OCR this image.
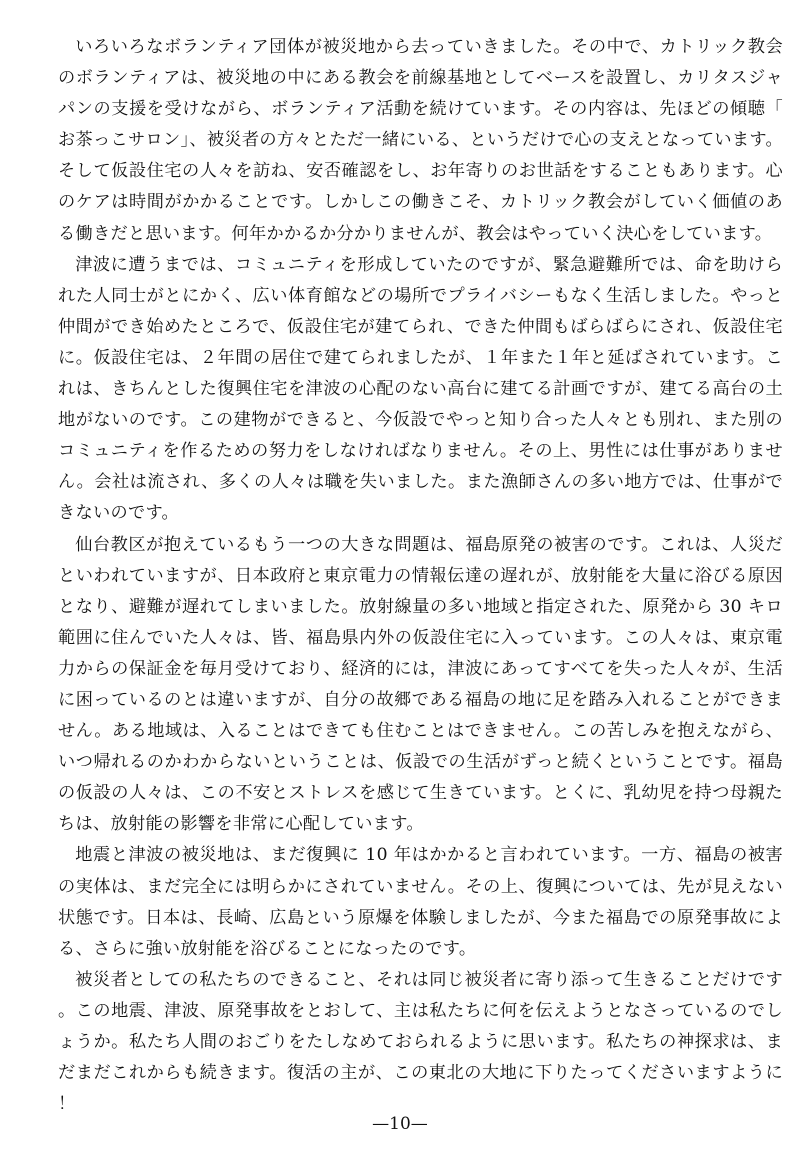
いろいろなボランティア団体が被災地から去っていきました。その中で、カトリック教会のボランティアは、被災地の中にある教会を前線基地としてベースを設置し、カリタスジャパンの支援を受けながら、ボランティア活動を続けています。その内容は、先ほどの傾聴「お茶っこサロン」、被災者の方々とただ一緒にいる、というだけで心の支えとなっています。そして仮設住宅の人々を訪ね、安否確認をし、お年寄りのお世話をすることもあります。心のケアは時間がかかることです。しかしこの働きこそ、カトリック教会がしていく価値のある働きだと思います。何年かかるか分かりませんが、教会はやっていく決心をしています。

津波に遭うまでは、コミュニティを形成していたのですが、緊急避難所では、命を助けられた人同士がとにかく、広い体育館などの場所でプライバシーもなく生活しました。やっと仲間ができ始めたところで、仮設住宅が建てられ、できた仲間もばらばらにされ、仮設住宅に。仮設住宅は、２年間の居住で建てられましたが、１年また１年と延ばされています。これは、きちんとした復興住宅を津波の心配のない高台に建てる計画ですが、建てる高台の土地がないのです。この建物ができると、今仮設でやっと知り合った人々とも別れ、また別のコミュニティを作るための努力をしなければなりません。その上、男性には仕事がありません。会社は流され、多くの人々は職を失いました。また漁師さんの多い地方では、仕事ができないのです。

仙台教区が抱えているもう一つの大きな問題は、福島原発の被害のです。これは、人災だといわれていますが、日本政府と東京電力の情報伝達の遅れが、放射能を大量に浴びる原因となり、避難が遅れてしまいました。放射線量の多い地域と指定された、原発から 30 キロ範囲に住んでいた人々は、皆、福島県内外の仮設住宅に入っています。この人々は、東京電力からの保証金を毎月受けており、経済的には，津波にあってすべてを失った人々が、生活に困っているのとは違いますが、自分の故郷である福島の地に足を踏み入れることができません。ある地域は、入ることはできても住むことはできません。この苦しみを抱えながら、いつ帰れるのかわからないということは、仮設での生活がずっと続くということです。福島の仮設の人々は、この不安とストレスを感じて生きています。とくに、乳幼児を持つ母親たちは、放射能の影響を非常に心配しています。

地震と津波の被災地は、まだ復興に 10 年はかかると言われています。一方、福島の被害の実体は、まだ完全には明らかにされていません。その上、復興については、先が見えない状態です。日本は、長崎、広島という原爆を体験しましたが、今また福島での原発事故による、さらに強い放射能を浴びることになったのです。

被災者としての私たちのできること、それは同じ被災者に寄り添って生きることだけです。この地震、津波、原発事故をとおして、主は私たちに何を伝えようとなさっているのでしょうか。私たち人間のおごりをたしなめておられるように思います。私たちの神探求は、まだまだこれからも続きます。復活の主が、この東北の大地に下りたってくださいますように！

—10—
